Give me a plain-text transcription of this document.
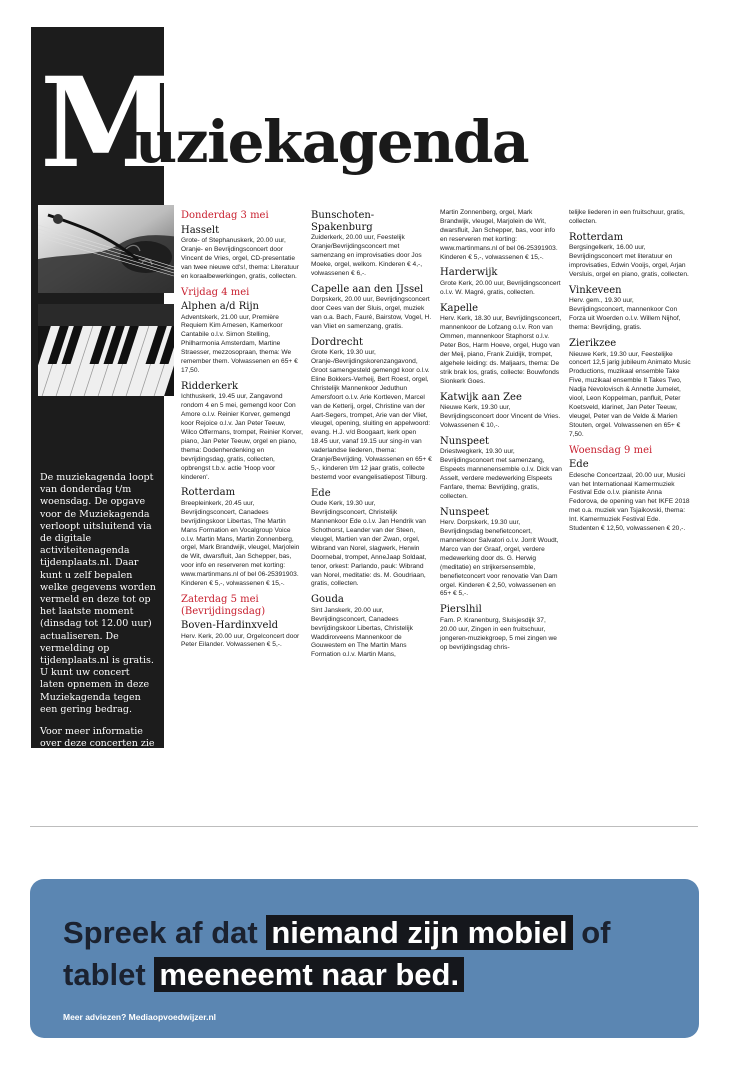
M
uziekagenda

De muziekagenda loopt van donderdag t/m woensdag. De opgave voor de Muziekagenda verloopt uitsluitend via de digitale activiteitenagenda tijdenplaats.nl. Daar kunt u zelf bepalen welke gegevens worden vermeld en deze tot op het laatste moment (dinsdag tot 12.00 uur) actualiseren. De vermelding op tijdenplaats.nl is gratis. U kunt uw concert laten opnemen in deze Muziekagenda tegen een gering bedrag.

Voor meer informatie over deze concerten zie
tijdenplaats.nl

Donderdag 3 mei
Hasselt
Grote- of Stephanuskerk, 20.00 uur, Oranje- en Bevrijdingsconcert door Vincent de Vries, orgel, CD-presentatie van twee nieuwe cd's!, thema: Literatuur en koraalbewerkingen, gratis, collecten.
Vrijdag 4 mei
Alphen a/d Rijn
Adventskerk, 21.00 uur, Première Requiem Kim Arnesen, Kamerkoor Cantabile o.l.v. Simon Stelling, Philharmonia Amsterdam, Martine Straesser, mezzosopraan, thema: We remember them. Volwassenen en 65+ € 17,50.
Ridderkerk
Ichthuskerk, 19.45 uur, Zangavond rondom 4 en 5 mei, gemengd koor Con Amore o.l.v. Reinier Korver, gemengd koor Rejoice o.l.v. Jan Peter Teeuw, Wilco Offermans, trompet, Reinier Korver, piano, Jan Peter Teeuw, orgel en piano, thema: Dodenherdenking en bevrijdingsdag, gratis, collecten, opbrengst t.b.v. actie 'Hoop voor kinderen'.
Rotterdam
Breepleinkerk, 20.45 uur, Bevrijdingsconcert, Canadees bevrijdingskoor Libertas, The Martin Mans Formation en Vocalgroup Voice o.l.v. Martin Mans, Martin Zonnenberg, orgel, Mark Brandwijk, vleugel, Marjolein de Wit, dwarsfluit, Jan Schepper, bas, voor info en reserveren met korting: www.martinmans.nl of bel 06-25391903. Kinderen € 5,-, volwassenen € 15,-.
Zaterdag 5 mei (Bevrijdingsdag)
Boven-Hardinxveld
Herv. Kerk, 20.00 uur, Orgelconcert door Peter Eilander. Volwassenen € 5,-.
Bunschoten-Spakenburg
Zuiderkerk, 20.00 uur, Feestelijk Oranje/Bevrijdingsconcert met samenzang en improvisaties door Jos Moeke, orgel, welkom. Kinderen € 4,-, volwassenen € 6,-.
Capelle aan den IJssel
Dorpskerk, 20.00 uur, Bevrijdingsconcert door Cees van der Sluis, orgel, muziek van o.a. Bach, Fauré, Bairstow, Vogel, H. van Vliet en samenzang, gratis.
Dordrecht
Grote Kerk, 19.30 uur, Oranje-/Bevrijdingskorenzangavond, Groot samengesteld gemengd koor o.l.v. Eline Bokkers-Verheij, Bert Roest, orgel, Christelijk Mannenkoor Jeduthun Amersfoort o.l.v. Arie Kortleven, Marcel van de Ketterij, orgel, Christine van der Aart-Segers, trompet, Arie van der Vliet, vleugel, opening, sluiting en appelwoord: evang. H.J. v/d Boogaart, kerk open 18.45 uur, vanaf 19.15 uur sing-in van vaderlandse liederen, thema: Oranje/Bevrijding. Volwassenen en 65+ € 5,-, kinderen t/m 12 jaar gratis, collecte bestemd voor evangelisatiepost Tilburg.
Ede
Oude Kerk, 19.30 uur, Bevrijdingsconcert, Christelijk Mannenkoor Ede o.l.v. Jan Hendrik van Schothorst, Leander van der Steen, vleugel, Martien van der Zwan, orgel, Wibrand van Norel, slagwerk, Herwin Doornebal, trompet, AnneJaap Soldaat, tenor, orkest: Parlando, pauk: Wibrand van Norel, meditatie: ds. M. Goudriaan, gratis, collecten.
Gouda
Sint Janskerk, 20.00 uur, Bevrijdingsconcert, Canadees bevrijdingskoor Libertas, Christelijk Waddinxveens Mannenkoor de Gouwestem en The Martin Mans Formation o.l.v. Martin Mans,
Martin Zonnenberg, orgel, Mark Brandwijk, vleugel, Marjolein de Wit, dwarsfluit, Jan Schepper, bas, voor info en reserveren met korting: www.martinmans.nl of bel 06-25391903. Kinderen € 5,-, volwassenen € 15,-.
Harderwijk
Grote Kerk, 20.00 uur, Bevrijdingsconcert o.l.v. W. Magré, gratis, collecten.
Kapelle
Herv. Kerk, 18.30 uur, Bevrijdingsconcert, mannenkoor de Lofzang o.l.v. Ron van Ommen, mannenkoor Staphorst o.l.v. Peter Bos, Harm Hoeve, orgel, Hugo van der Meij, piano, Frank Zuidijk, trompet, algehele leiding: ds. Maljaars, thema: De strik brak los, gratis, collecte: Bouwfonds Sionkerk Goes.
Katwijk aan Zee
Nieuwe Kerk, 19.30 uur, Bevrijdingsconcert door Vincent de Vries. Volwassenen € 10,-.
Nunspeet
Driestwegkerk, 19.30 uur, Bevrijdingsconcert met samenzang, Elspeets mannenensemble o.l.v. Dick van Asselt, verdere medewerking Elspeets Fanfare, thema: Bevrijding, gratis, collecten.
Nunspeet
Herv. Dorpskerk, 19.30 uur, Bevrijdingsdag benefietconcert, mannenkoor Salvatori o.l.v. Jorrit Woudt, Marco van der Graaf, orgel, verdere medewerking door ds. G. Herwig (meditatie) en strijkersensemble, benefietconcert voor renovatie Van Dam orgel. Kinderen € 2,50, volwassenen en 65+ € 5,-.
Pierslhil
Fam. P. Kranenburg, Sluisjesdijk 37, 20.00 uur, Zingen in een fruitschuur, jongeren-muziekgroep, 5 mei zingen we op bevrijdingsdag chris-
telijke liederen in een fruitschuur, gratis, collecten.
Rotterdam
Bergsingelkerk, 16.00 uur, Bevrijdingsconcert met literatuur en improvisaties, Edwin Vooijs, orgel, Arjan Versluis, orgel en piano, gratis, collecten.
Vinkeveen
Herv. gem., 19.30 uur, Bevrijdingsconcert, mannenkoor Con Forza uit Woerden o.l.v. Willem Nijhof, thema: Bevrijding, gratis.
Zierikzee
Nieuwe Kerk, 19.30 uur, Feestelijke concert 12,5 jarig jubileum Animato Music Productions, muzikaal ensemble Take Five, muzikaal ensemble It Takes Two, Nadja Nevolovisch & Annette Jumelet, viool, Leon Koppelman, panfluit, Peter Koetsveld, klarinet, Jan Peter Teeuw, vleugel, Peter van de Velde & Marien Stouten, orgel. Volwassenen en 65+ € 7,50.
Woensdag 9 mei
Ede
Edesche Concertzaal, 20.00 uur, Musici van het Internationaal Kamermuziek Festival Ede o.l.v. pianiste Anna Fedorova, de opening van het IKFE 2018 met o.a. muziek van Tsjaikovski, thema: Int. Kamermuziek Festival Ede. Studenten € 12,50, volwassenen € 20,-.
Spreek af dat niemand zijn mobiel of
tablet meeneemt naar bed.
Meer adviezen? Mediaopvoedwijzer.nl
